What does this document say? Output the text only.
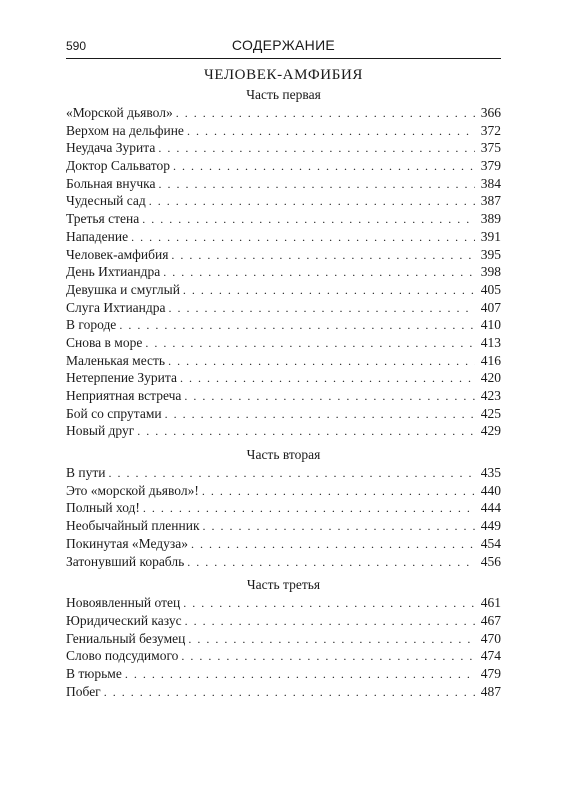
590	СОДЕРЖАНИЕ
ЧЕЛОВЕК-АМФИБИЯ
Часть первая
«Морской дьявол» . . .	366
Верхом на дельфине . . .	372
Неудача Зурита . . .	375
Доктор Сальватор . . .	379
Больная внучка . . .	384
Чудесный сад . . .	387
Третья стена . . .	389
Нападение . . .	391
Человек-амфибия . . .	395
День Ихтиандра . . .	398
Девушка и смуглый . . .	405
Слуга Ихтиандра . . .	407
В городе . . .	410
Снова в море . . .	413
Маленькая месть . . .	416
Нетерпение Зурита . . .	420
Неприятная встреча . . .	423
Бой со спрутами . . .	425
Новый друг . . .	429
Часть вторая
В пути . . .	435
Это «морской дьявол»! . . .	440
Полный ход! . . .	444
Необычайный пленник . . .	449
Покинутая «Медуза» . . .	454
Затонувший корабль . . .	456
Часть третья
Новоявленный отец . . .	461
Юридический казус . . .	467
Гениальный безумец . . .	470
Слово подсудимого . . .	474
В тюрьме . . .	479
Побег . . .	487
